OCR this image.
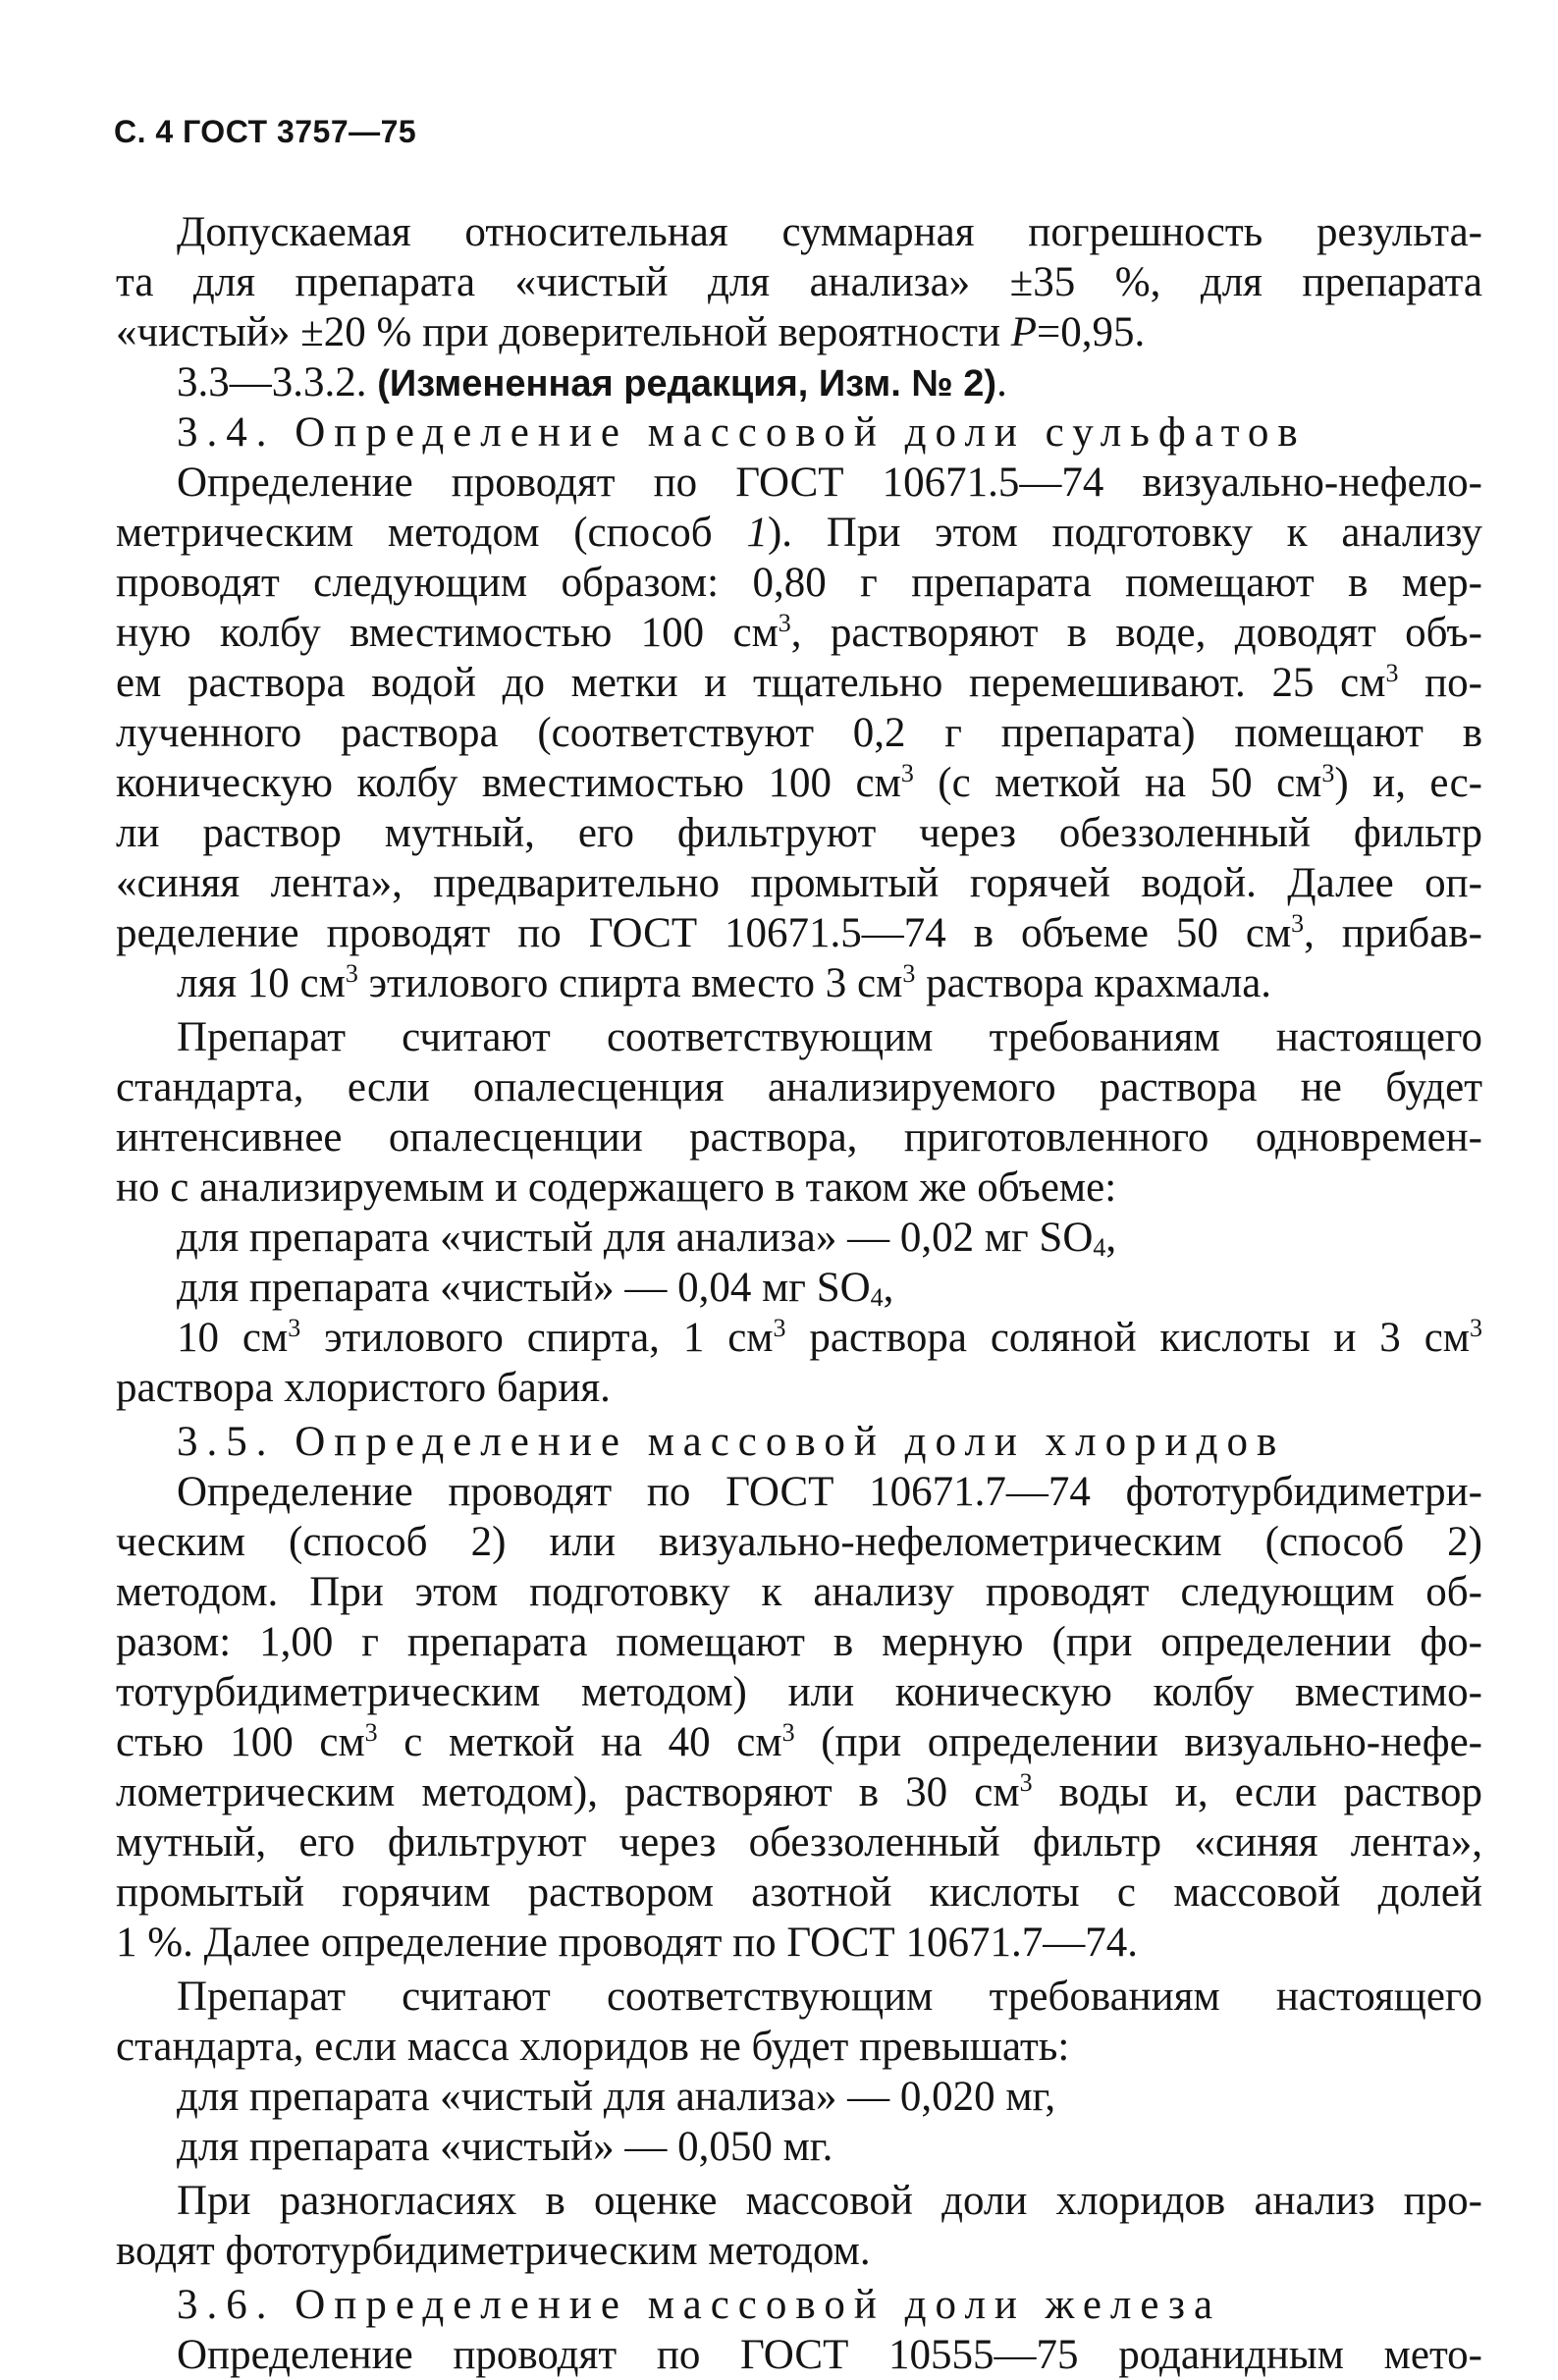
С. 4 ГОСТ 3757—75
Допускаемая относительная суммарная погрешность результа-
та для препарата «чистый для анализа» ±35 %, для препарата
«чистый» ±20 % при доверительной вероятности P=0,95.
3.3—3.3.2. (Измененная редакция, Изм. № 2).
3.4. Определение массовой доли сульфатов
Определение проводят по ГОСТ 10671.5—74 визуально-нефело-
метрическим методом (способ 1). При этом подготовку к анализу
проводят следующим образом: 0,80 г препарата помещают в мер-
ную колбу вместимостью 100 $см^3$, растворяют в воде, доводят объ-
ем раствора водой до метки и тщательно перемешивают. 25 $см^3$ по-
лученного раствора (соответствуют 0,2 г препарата) помещают в
коническую колбу вместимостью 100 $см^3$ (с меткой на 50 $см^3$) и, ес-
ли раствор мутный, его фильтруют через обеззоленный фильтр
«синяя лента», предварительно промытый горячей водой. Далее оп-
ределение проводят по ГОСТ 10671.5—74 в объеме 50 $см^3$, прибав-
ляя 10 $см^3$ этилового спирта вместо 3 $см^3$ раствора крахмала.
Препарат считают соответствующим требованиям настоящего
стандарта, если опалесценция анализируемого раствора не будет
интенсивнее опалесценции раствора, приготовленного одновремен-
но с анализируемым и содержащего в таком же объеме:
для препарата «чистый для анализа» — 0,02 мг SO4,
для препарата «чистый» — 0,04 мг SO4,
10 $см^3$ этилового спирта, 1 $см^3$ раствора соляной кислоты и 3 $см^3$
раствора хлористого бария.
3.5. Определение массовой доли хлоридов
Определение проводят по ГОСТ 10671.7—74 фототурбидиметри-
ческим (способ 2) или визуально-нефелометрическим (способ 2)
методом. При этом подготовку к анализу проводят следующим об-
разом: 1,00 г препарата помещают в мерную (при определении фо-
тотурбидиметрическим методом) или коническую колбу вместимо-
стью 100 $см^3$ с меткой на 40 $см^3$ (при определении визуально-нефе-
лометрическим методом), растворяют в 30 $см^3$ воды и, если раствор
мутный, его фильтруют через обеззоленный фильтр «синяя лента»,
промытый горячим раствором азотной кислоты с массовой долей
1 %. Далее определение проводят по ГОСТ 10671.7—74.
Препарат считают соответствующим требованиям настоящего
стандарта, если масса хлоридов не будет превышать:
для препарата «чистый для анализа» — 0,020 мг,
для препарата «чистый» — 0,050 мг.
При разногласиях в оценке массовой доли хлоридов анализ про-
водят фототурбидиметрическим методом.
3.6. Определение массовой доли железа
Определение проводят по ГОСТ 10555—75 роданидным мето-
